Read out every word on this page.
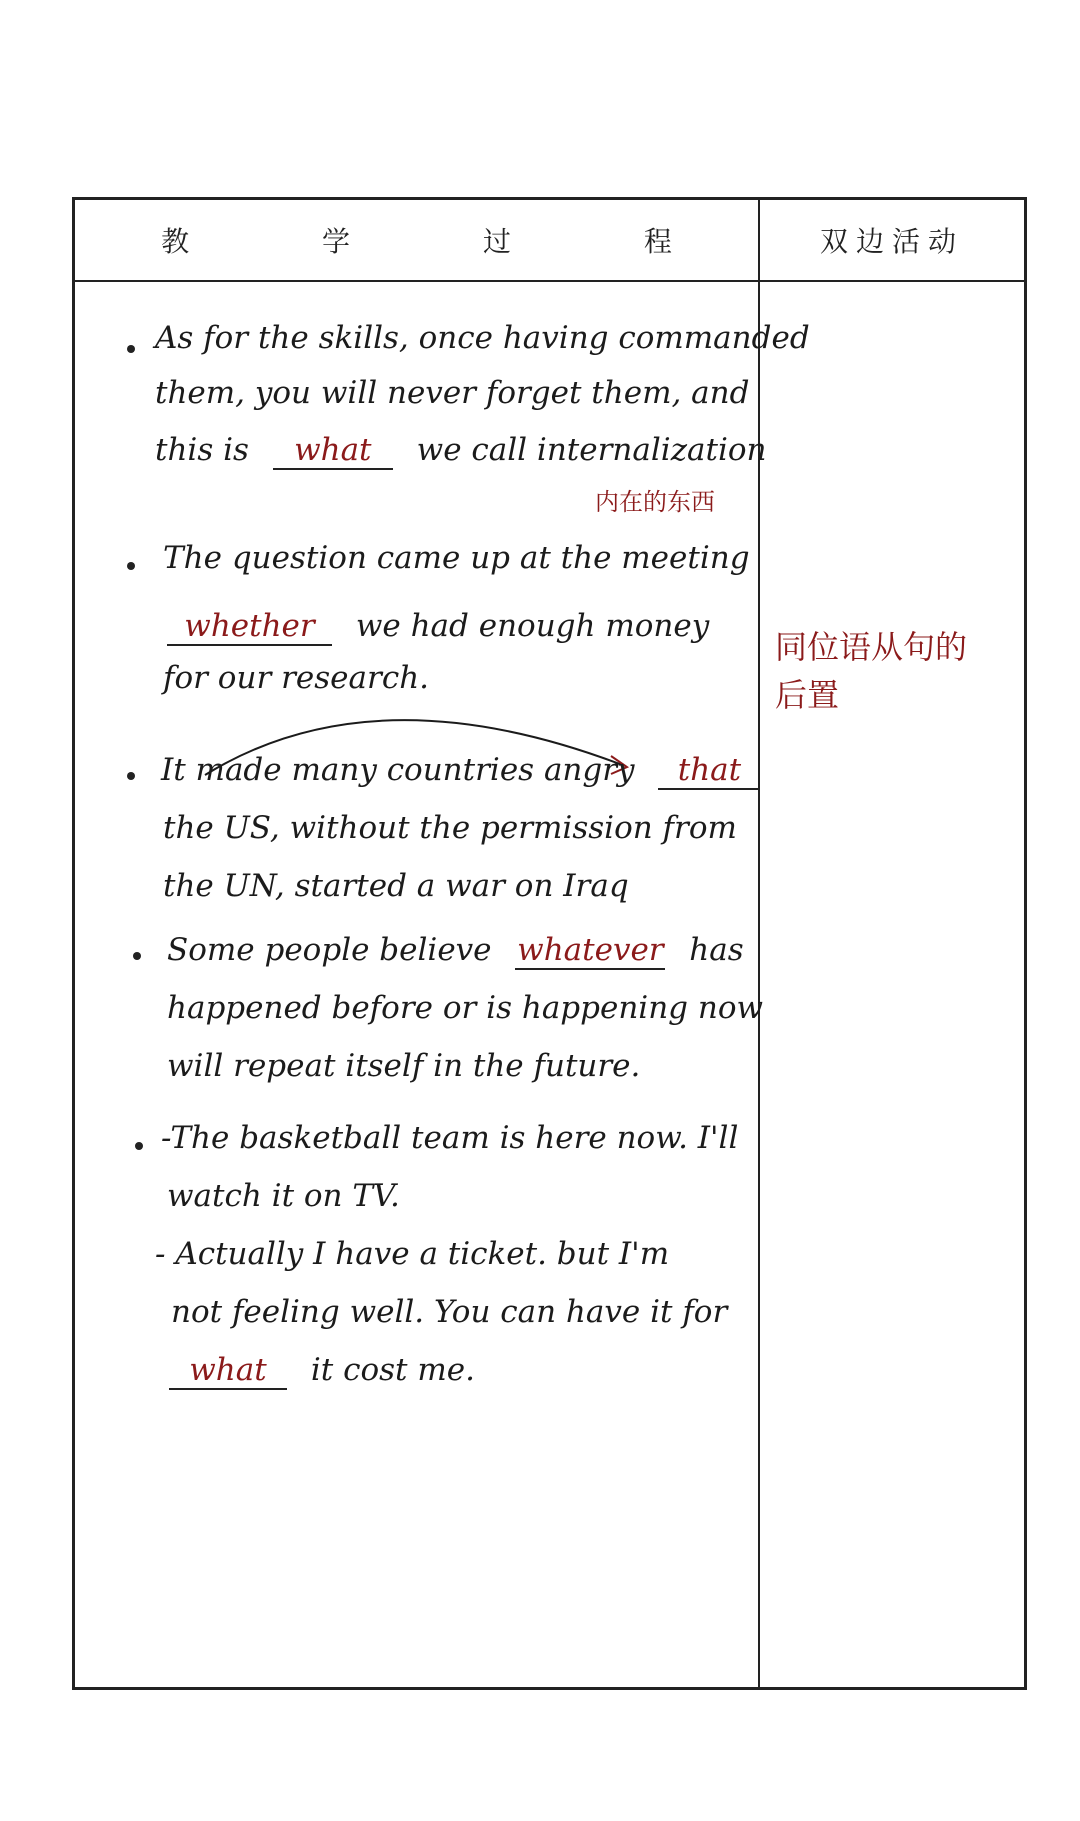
教 学 过 程	双边活动
As for the skills, once having commanded
them, you will never forget them, and
this is what we call internalization
内在的东西
The question came up at the meeting
whether we had enough money
for our research.
It made many countries angry that
the US, without the permission from
the UN, started a war on Iraq
Some people believe whatever has
happened before or is happening now
will repeat itself in the future.
-The basketball team is here now. I'll
watch it on TV.
- Actually I have a ticket. but I'm
not feeling well. You can have it for
what it cost me.
同位语从句的
后置
